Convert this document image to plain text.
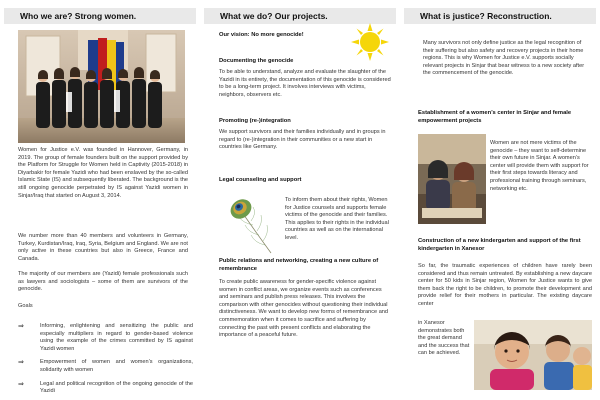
Who we are? Strong women.

Women for Justice e.V. was founded in Hannover, Germany, in 2019. The group of female founders built on the support provided by the Platform for Struggle for Women held in Captivity (2015-2018) in Diyarbakir for female Yazidi who had been enslaved by the so-called Islamic State (IS) and subsequently liberated. The background is the still ongoing genocide perpetrated by IS against Yazidi women in Sinjar/Iraq that started on August 3, 2014.

We number more than 40 members and volunteers in Germany, Turkey, Kurdistan/Iraq, Iraq, Syria, Belgium and England. We are not only active in these countries but also in Greece, France and Canada.

The majority of our members are (Yazidi) female professionals such as lawyers and sociologists – some of them are survivors of the genocide.

Goals

⇒	Informing, enlightening and sensitizing the public and especially multipliers in regard to gender-based violence using the example of the crimes committed by IS against Yazidi women
⇒	Empowerment of women and women’s organizations, solidarity with women
⇒	Legal and political recognition of the ongoing genocide of the Yazidi
What we do? Our projects.

Our vision: No more genocide!

Documenting the genocide

To be able to understand, analyze and evaluate the slaughter of the Yazidi in its entirety, the documentation of this genocide is considered to be a long-term project. It involves interviews with victims, neighbors, observers etc.

Promoting (re-)integration

We support survivors and their families individually and in groups in regard to (re-)integration in their communities or a new start in countries like Germany.

Legal counseling and support

To inform them about their rights, Women for Justice counsels and supports female victims of the genocide and their families. This applies to their rights in the individual countries as well as on the international level.

Public relations and networking, creating a new culture of remembrance

To create public awareness for gender-specific violence against women in conflict areas, we organize events such as conferences and seminars and publish press releases. This involves the comparison with other genocides without questioning their individual distinctiveness. We want to develop new forms of remembrance and commemoration when it comes to sacrifice and suffering by connecting the past with present conflicts and elaborating the importance of a peaceful future.

What is justice? Reconstruction.

Many survivors not only define justice as the legal recognition of their suffering but also safety and recovery projects in their home regions. This is why Women for Justice e.V. supports socially relevant projects in Sinjar that bear witness to a new society after the commencement of the genocide.

Establishment of a women’s center in Sinjar and female empowerment projects

Women are not mere victims of the genocide – they want to self-determine their own future in Sinjar. A women’s center will provide them with support for their first steps towards literacy and professional training through seminars, networking etc.

Construction of a new kindergarten and support of the first kindergarten in Xanesor

So far, the traumatic experiences of children have rarely been considered and thus remain untreated. By establishing a new daycare center for 50 kids in Sinjar region, Women for Justice wants to give them back the right to be children, to promote their development and provide relief for their mothers in particular. The existing daycare center

in Xanesor demonstrates both the great demand and the success that can be achieved.
